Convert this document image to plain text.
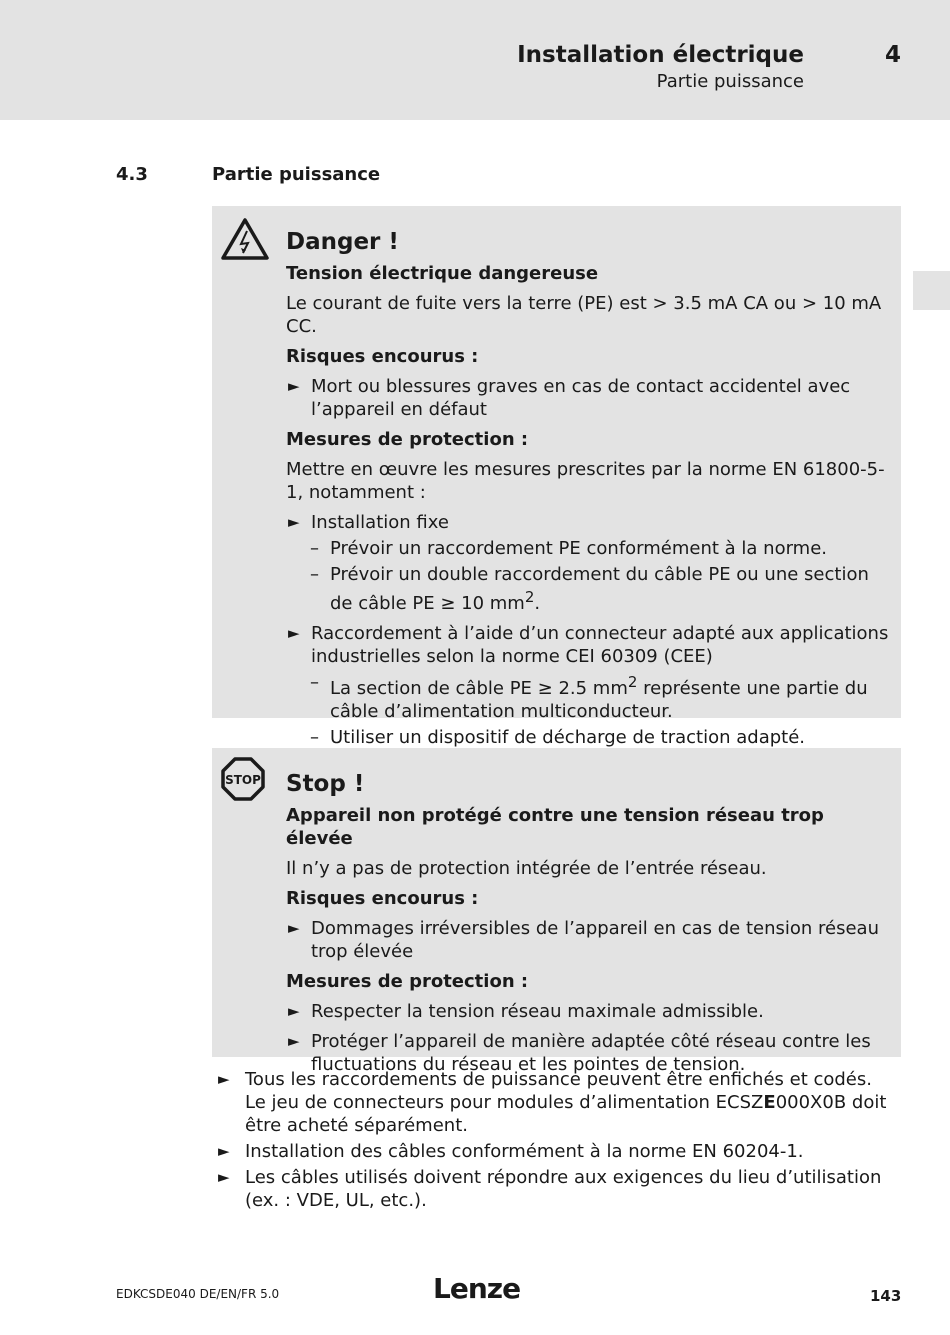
Installation électrique
Partie puissance
4
4.3	Partie puissance
Danger !
Tension électrique dangereuse
Le courant de fuite vers la terre (PE) est > 3.5 mA CA ou > 10 mA CC.
Risques encourus :
► Mort ou blessures graves en cas de contact accidentel avec l’appareil en défaut
Mesures de protection :
Mettre en œuvre les mesures prescrites par la norme EN 61800-5-1, notamment :
► Installation fixe
– Prévoir un raccordement PE conformément à la norme.
– Prévoir un double raccordement du câble PE ou une section de câble PE ≥ 10 $mm^2$.
► Raccordement à l’aide d’un connecteur adapté aux applications industrielles selon la norme CEI 60309 (CEE)
– La section de câble PE ≥ 2.5 $mm^2$ représente une partie du câble d’alimentation multiconducteur.
– Utiliser un dispositif de décharge de traction adapté.
STOP Stop !
Appareil non protégé contre une tension réseau trop élevée
Il n’y a pas de protection intégrée de l’entrée réseau.
Risques encourus :
► Dommages irréversibles de l’appareil en cas de tension réseau trop élevée
Mesures de protection :
► Respecter la tension réseau maximale admissible.
► Protéger l’appareil de manière adaptée côté réseau contre les fluctuations du réseau et les pointes de tension.
► Tous les raccordements de puissance peuvent être enfichés et codés. Le jeu de connecteurs pour modules d’alimentation ECSZE000X0B doit être acheté séparément.
► Installation des câbles conformément à la norme EN 60204-1.
► Les câbles utilisés doivent répondre aux exigences du lieu d’utilisation (ex. : VDE, UL, etc.).
EDKCSDE040 DE/EN/FR 5.0	Lenze	143
